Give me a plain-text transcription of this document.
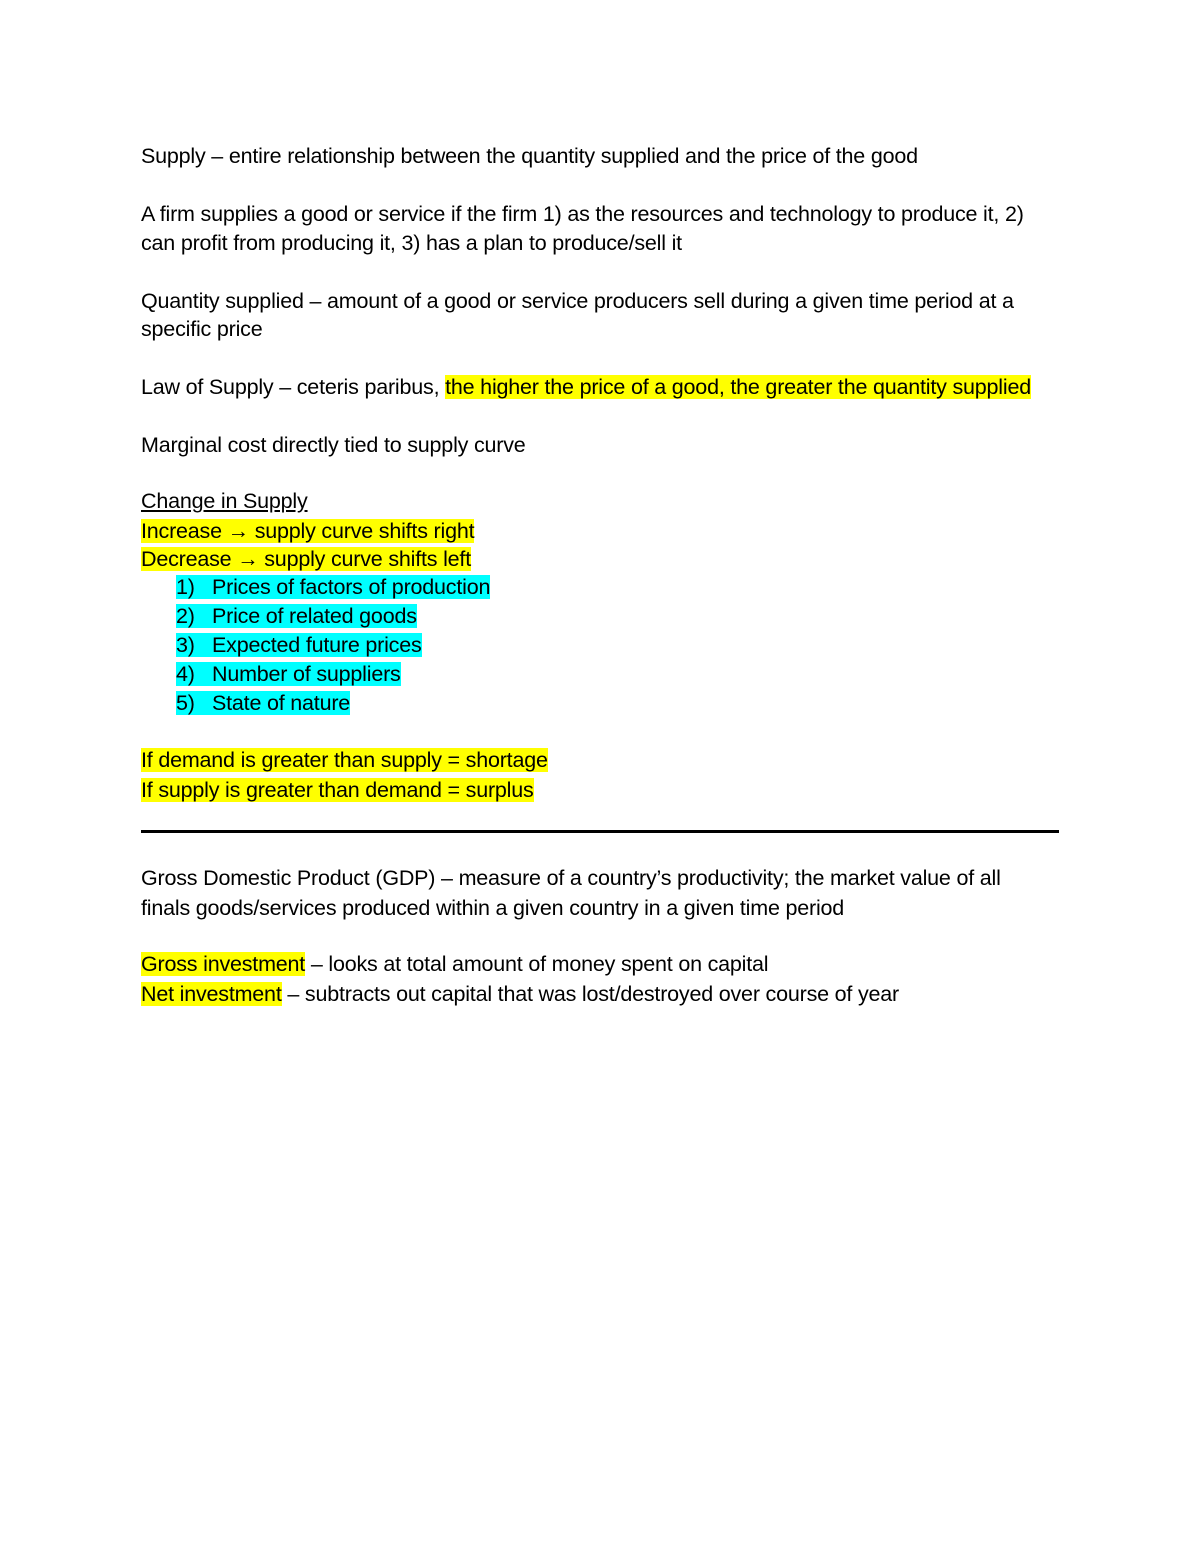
Supply – entire relationship between the quantity supplied and the price of the good
A firm supplies a good or service if the firm 1) as the resources and technology to produce it, 2)
can profit from producing it, 3) has a plan to produce/sell it
Quantity supplied – amount of a good or service producers sell during a given time period at a
specific price
Law of Supply – ceteris paribus, the higher the price of a good, the greater the quantity supplied
Marginal cost directly tied to supply curve
Change in Supply
Increase → supply curve shifts right
Decrease → supply curve shifts left
1) Prices of factors of production
2) Price of related goods
3) Expected future prices
4) Number of suppliers
5) State of nature
If demand is greater than supply = shortage
If supply is greater than demand = surplus
Gross Domestic Product (GDP) – measure of a country’s productivity; the market value of all
finals goods/services produced within a given country in a given time period
Gross investment – looks at total amount of money spent on capital
Net investment – subtracts out capital that was lost/destroyed over course of year
